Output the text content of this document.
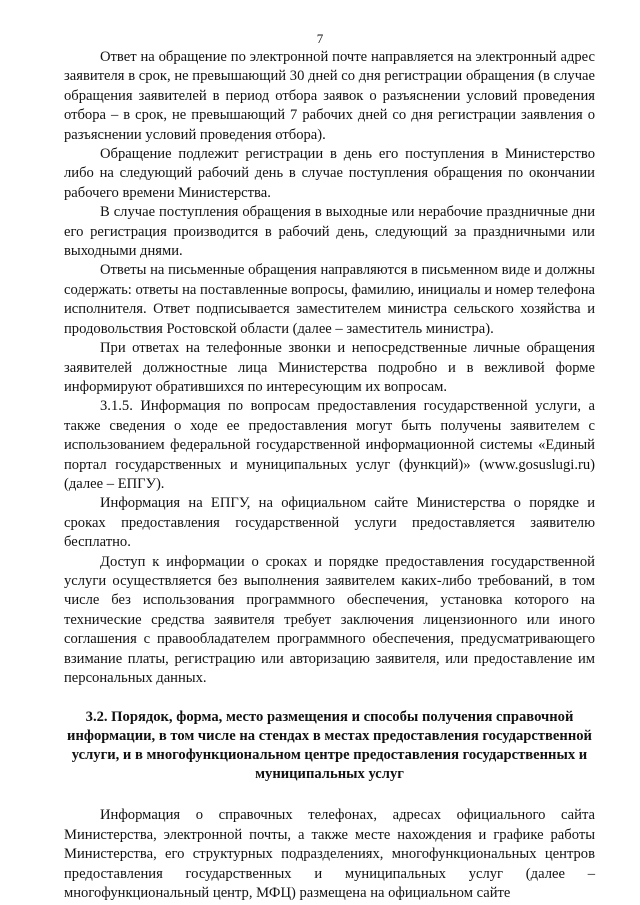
7

Ответ на обращение по электронной почте направляется на электронный адрес заявителя в срок, не превышающий 30 дней со дня регистрации обращения (в случае обращения заявителей в период отбора заявок о разъяснении условий проведения отбора – в срок, не превышающий 7 рабочих дней со дня регистрации заявления о разъяснении условий проведения отбора).

Обращение подлежит регистрации в день его поступления в Министерство либо на следующий рабочий день в случае поступления обращения по окончании рабочего времени Министерства.

В случае поступления обращения в выходные или нерабочие праздничные дни его регистрация производится в рабочий день, следующий за праздничными или выходными днями.

Ответы на письменные обращения направляются в письменном виде и должны содержать: ответы на поставленные вопросы, фамилию, инициалы и номер телефона исполнителя. Ответ подписывается заместителем министра сельского хозяйства и продовольствия Ростовской области (далее – заместитель министра).

При ответах на телефонные звонки и непосредственные личные обращения заявителей должностные лица Министерства подробно и в вежливой форме информируют обратившихся по интересующим их вопросам.

3.1.5. Информация по вопросам предоставления государственной услуги, а также сведения о ходе ее предоставления могут быть получены заявителем с использованием федеральной государственной информационной системы «Единый портал государственных и муниципальных услуг (функций)» (www.gosuslugi.ru) (далее – ЕПГУ).

Информация на ЕПГУ, на официальном сайте Министерства о порядке и сроках предоставления государственной услуги предоставляется заявителю бесплатно.

Доступ к информации о сроках и порядке предоставления государственной услуги осуществляется без выполнения заявителем каких-либо требований, в том числе без использования программного обеспечения, установка которого на технические средства заявителя требует заключения лицензионного или иного соглашения с правообладателем программного обеспечения, предусматривающего взимание платы, регистрацию или авторизацию заявителя, или предоставление им персональных данных.

3.2. Порядок, форма, место размещения и способы получения справочной информации, в том числе на стендах в местах предоставления государственной услуги, и в многофункциональном центре предоставления государственных и муниципальных услуг

Информация о справочных телефонах, адресах официального сайта Министерства, электронной почты, а также месте нахождения и графике работы Министерства, его структурных подразделениях, многофункциональных центров предоставления государственных и муниципальных услуг (далее – многофункциональный центр, МФЦ) размещена на официальном сайте
